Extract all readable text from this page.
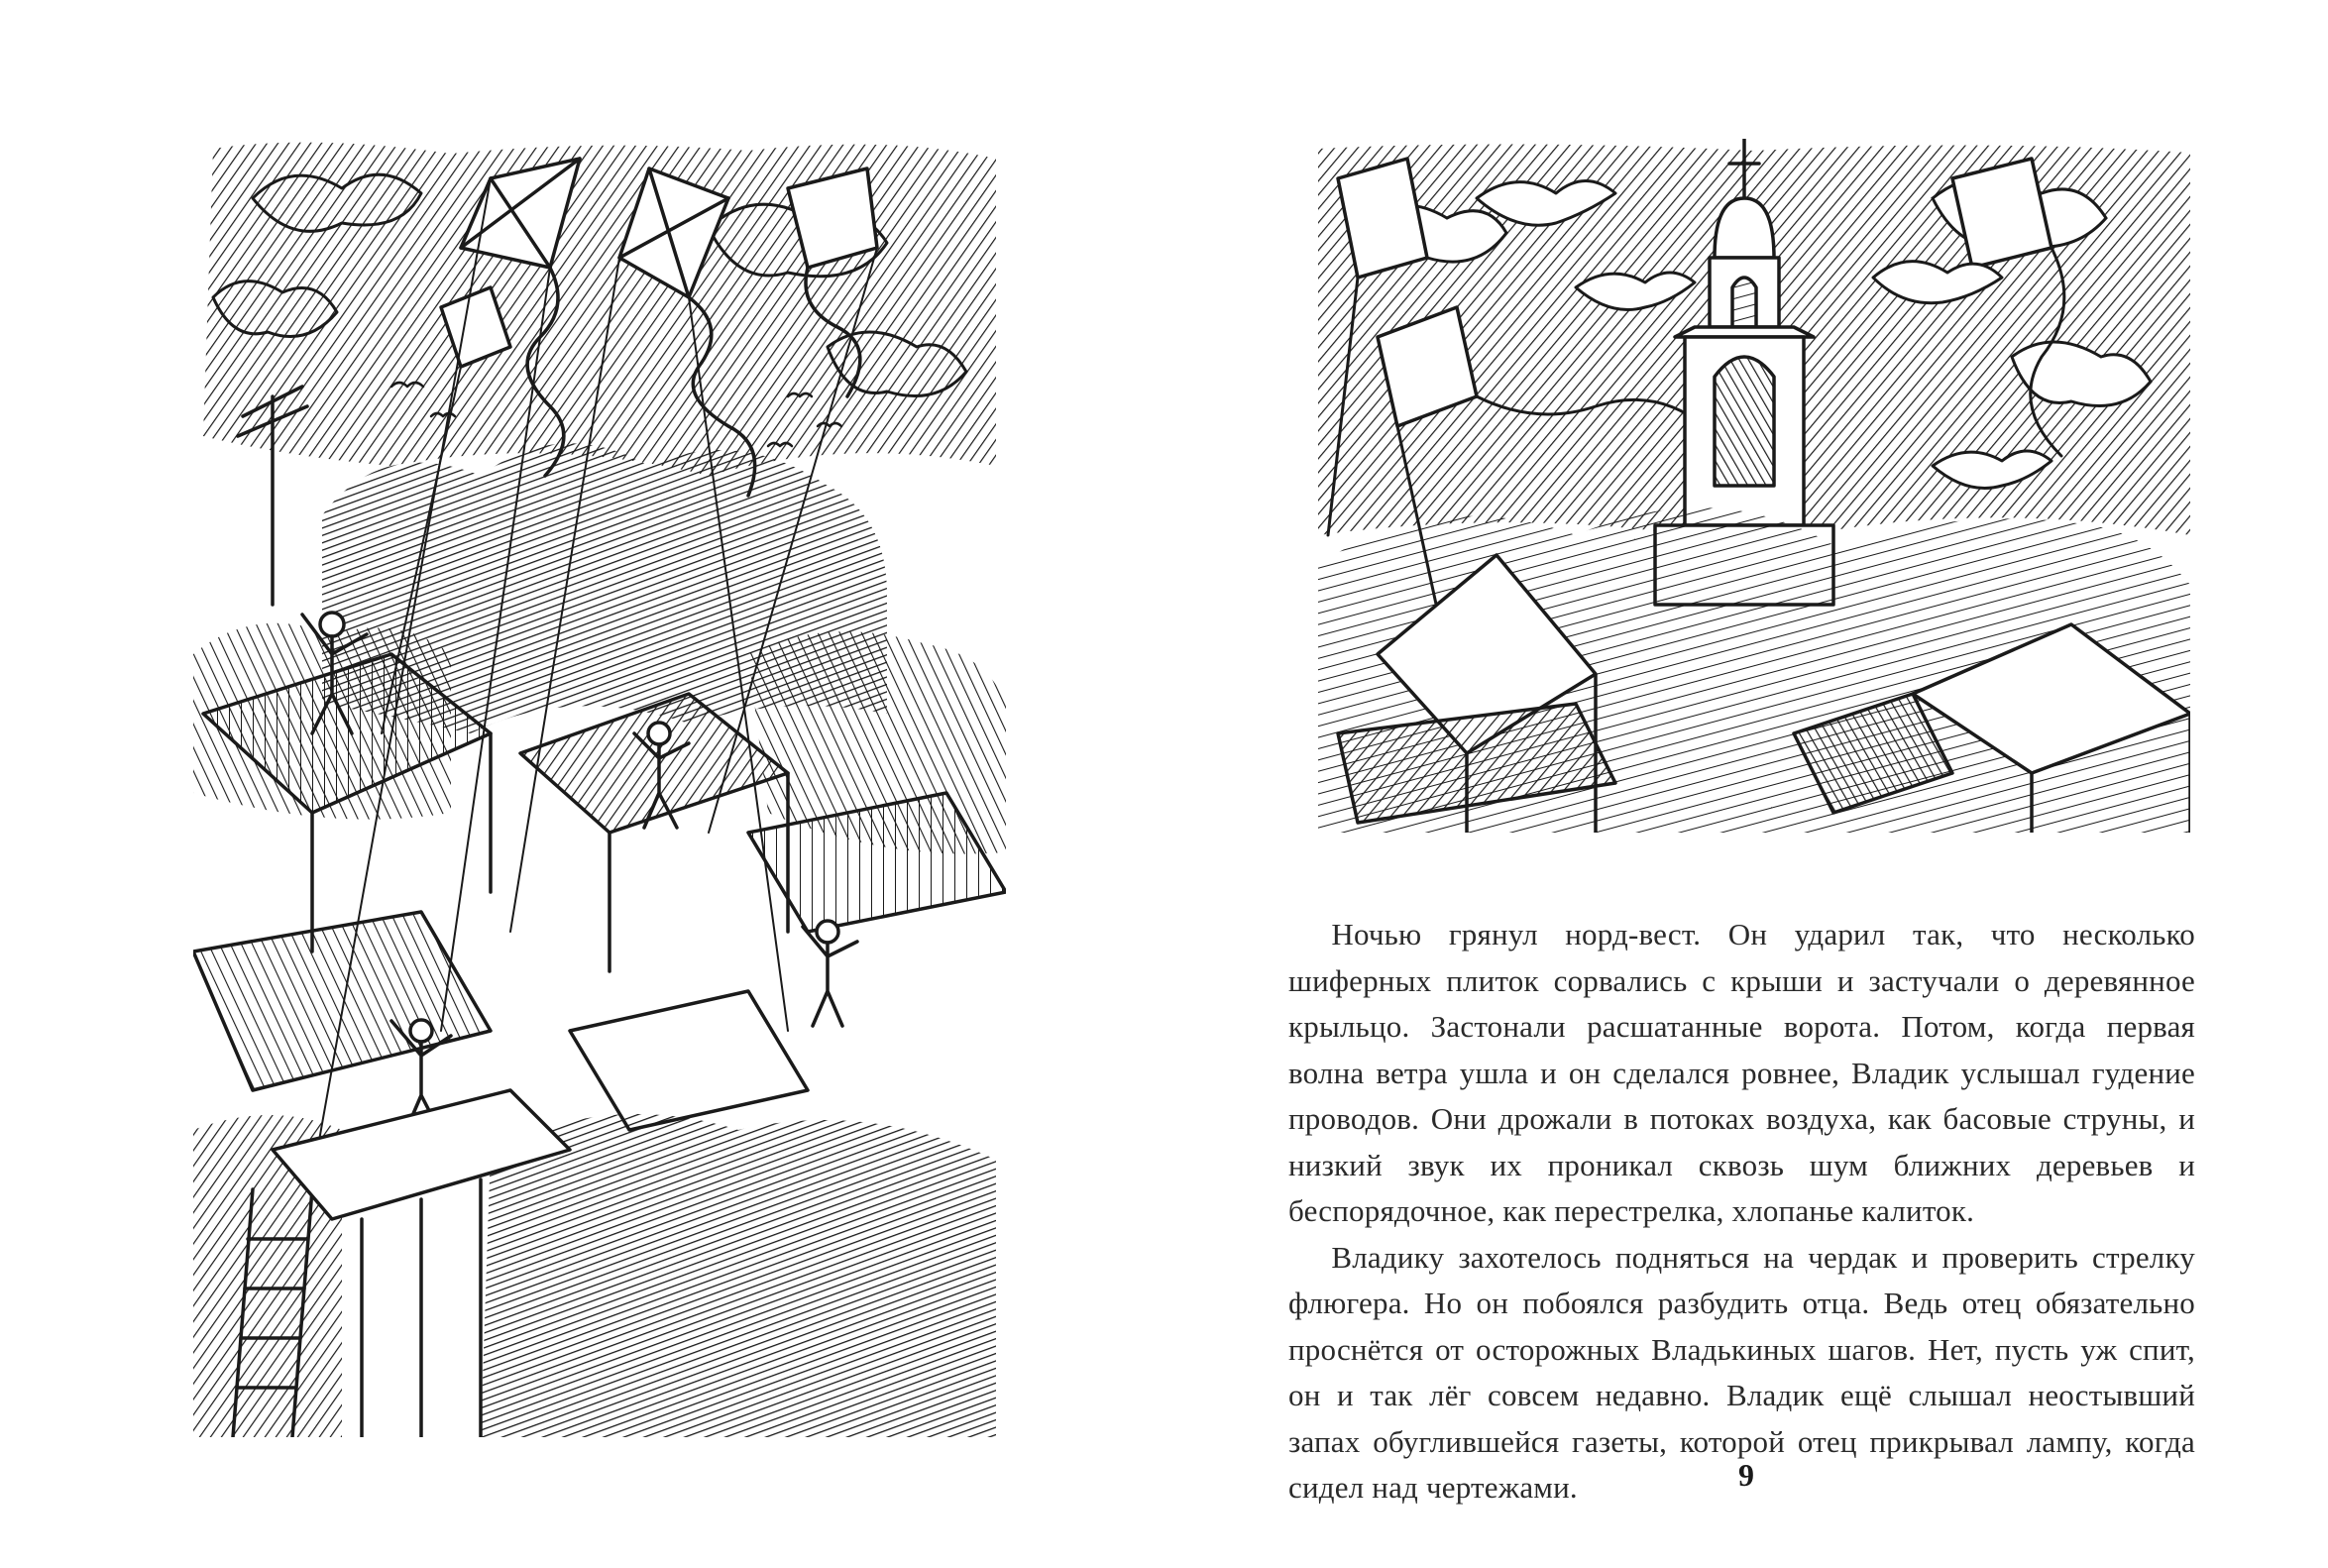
Ночью грянул норд-вест. Он ударил так, что несколько шиферных плиток сорвались с крыши и застучали о деревянное крыльцо. Застонали расшатанные ворота. Потом, когда первая волна ветра ушла и он сделался ровнее, Владик услышал гудение проводов. Они дрожали в потоках воздуха, как басовые струны, и низкий звук их проникал сквозь шум ближних деревьев и беспорядочное, как перестрелка, хлопанье калиток.

Владику захотелось подняться на чердак и проверить стрелку флюгера. Но он побоялся разбудить отца. Ведь отец обязательно проснётся от осторожных Владькиных шагов. Нет, пусть уж спит, он и так лёг совсем недавно. Владик ещё слышал неостывший запах обуглившейся газеты, которой отец прикрывал лампу, когда сидел над чертежами.	9
